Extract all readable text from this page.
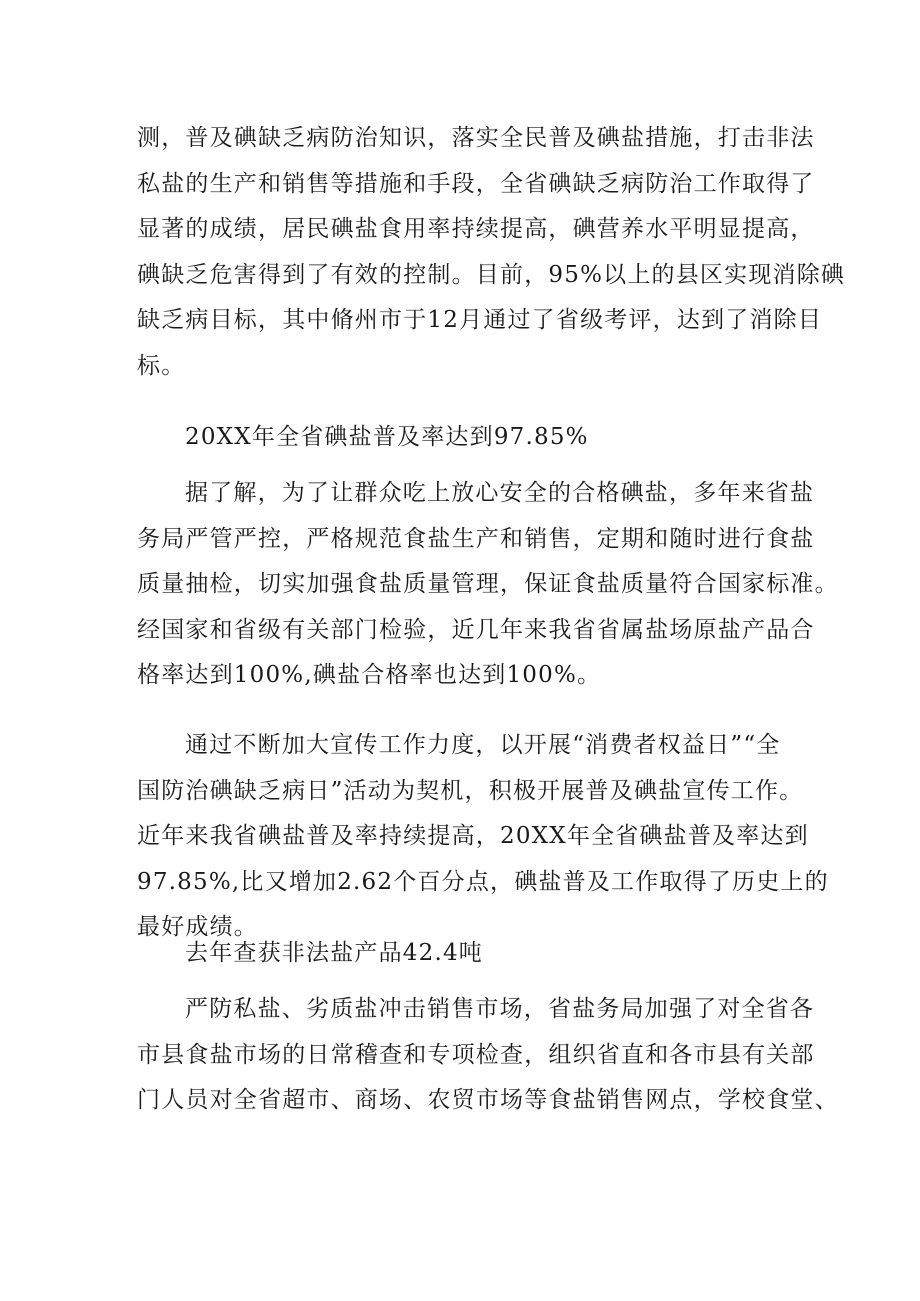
测，普及碘缺乏病防治知识，落实全民普及碘盐措施，打击非法
私盐的生产和销售等措施和手段，全省碘缺乏病防治工作取得了
显著的成绩，居民碘盐食用率持续提高，碘营养水平明显提高，
碘缺乏危害得到了有效的控制。目前，95%以上的县区实现消除碘
缺乏病目标，其中脩州市于12月通过了省级考评，达到了消除目
标。
20XX年全省碘盐普及率达到97.85%
据了解，为了让群众吃上放心安全的合格碘盐，多年来省盐
务局严管严控，严格规范食盐生产和销售，定期和随时进行食盐
质量抽检，切实加强食盐质量管理，保证食盐质量符合国家标准。
经国家和省级有关部门检验，近几年来我省省属盐场原盐产品合
格率达到100%,碘盐合格率也达到100%。
通过不断加大宣传工作力度，以开展“消费者权益日”“全
国防治碘缺乏病日”活动为契机，积极开展普及碘盐宣传工作。
近年来我省碘盐普及率持续提高，20XX年全省碘盐普及率达到
97.85%,比又增加2.62个百分点，碘盐普及工作取得了历史上的
最好成绩。
去年查获非法盐产品42.4吨
严防私盐、劣质盐冲击销售市场，省盐务局加强了对全省各
市县食盐市场的日常稽查和专项检查，组织省直和各市县有关部
门人员对全省超市、商场、农贸市场等食盐销售网点，学校食堂、
